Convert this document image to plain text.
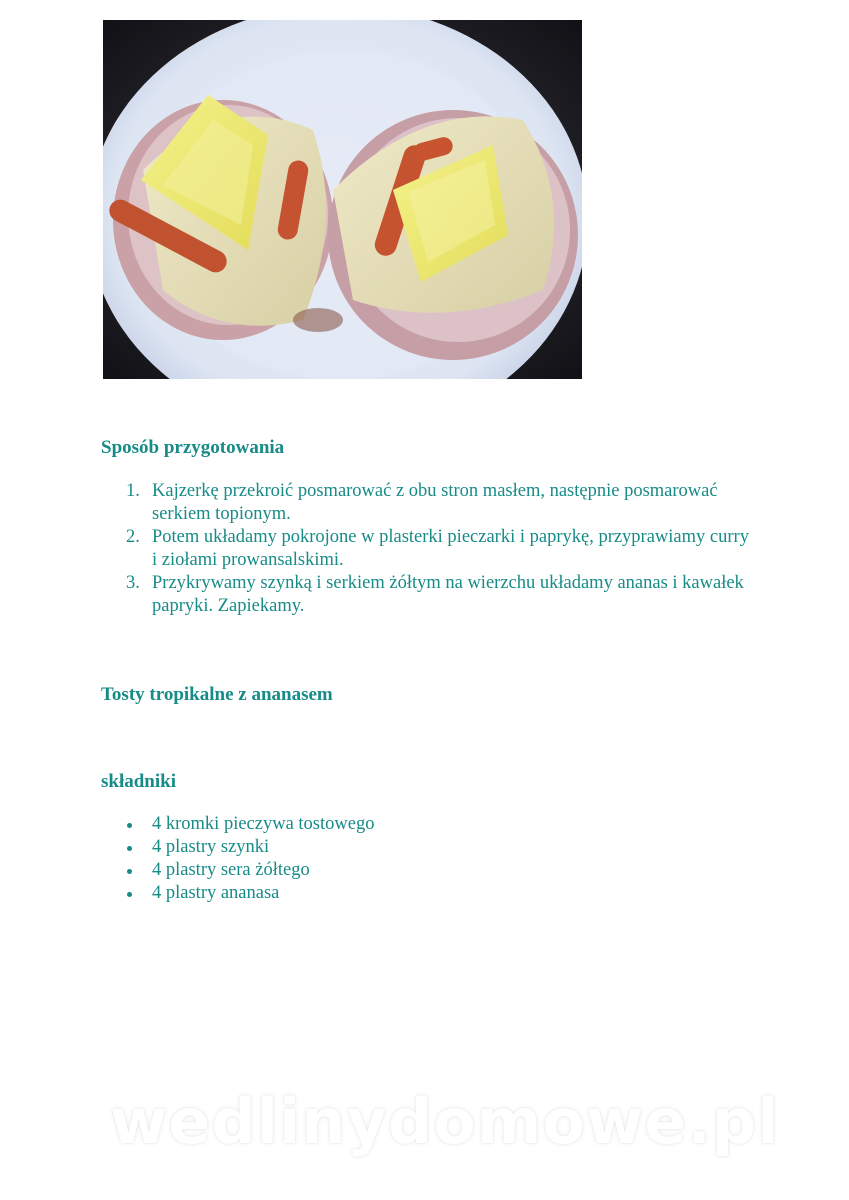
Sposób przygotowania
1. Kajzerkę przekroić posmarować z obu stron masłem, następnie posmarować serkiem topionym.
2. Potem układamy pokrojone w plasterki pieczarki i paprykę, przyprawiamy curry i ziołami prowansalskimi.
3. Przykrywamy szynką i serkiem żółtym na wierzchu układamy ananas i kawałek papryki. Zapiekamy.
Tosty tropikalne z ananasem
składniki
4 kromki pieczywa tostowego
4 plastry szynki
4 plastry sera żółtego
4 plastry ananasa
wedlinydomowe.pl
